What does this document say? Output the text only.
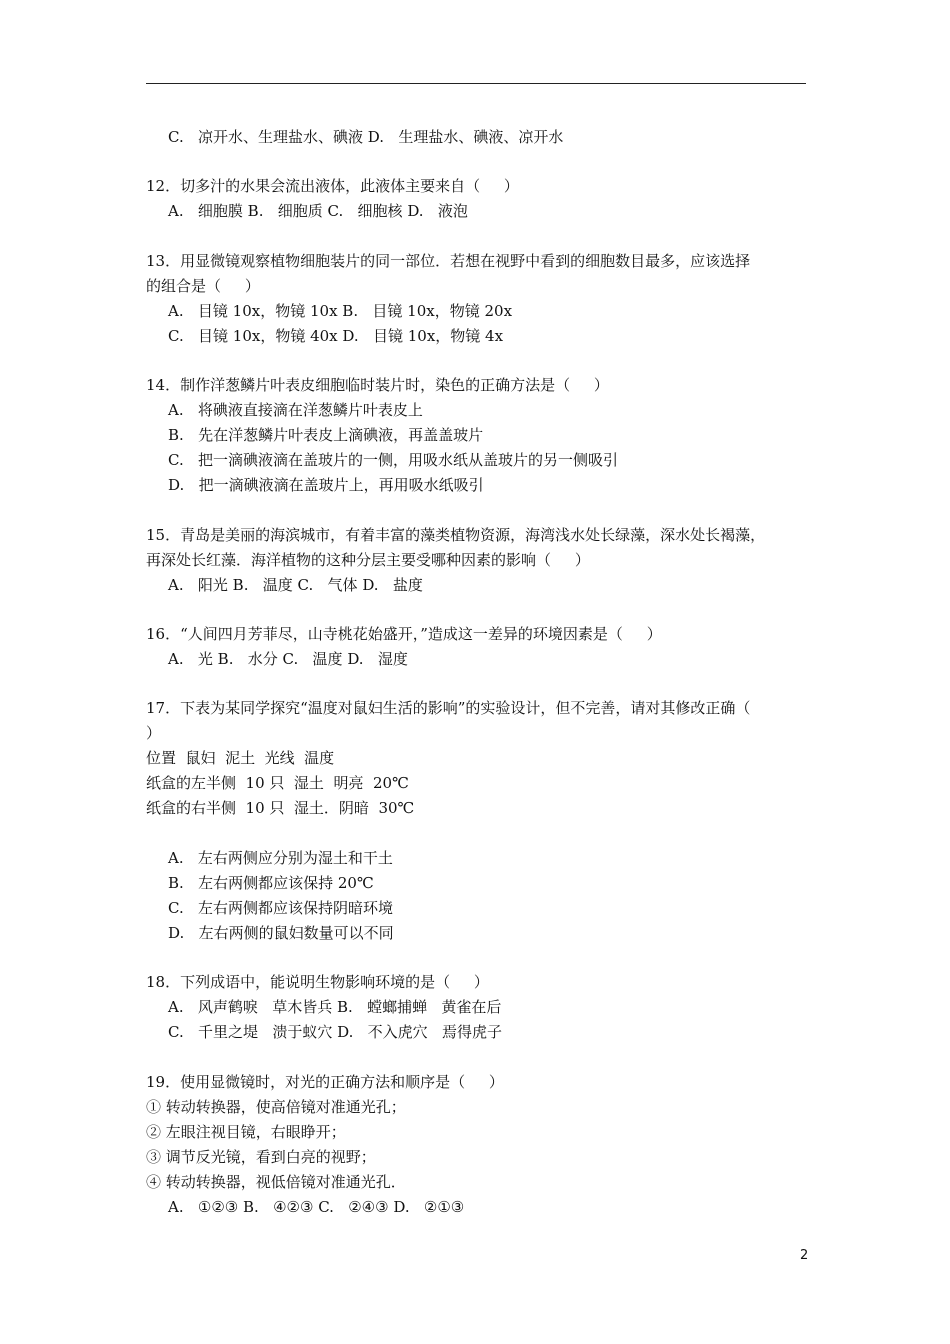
C.   凉开水、生理盐水、碘液 D.   生理盐水、碘液、凉开水
12．切多汁的水果会流出液体，此液体主要来自（     ）
A.   细胞膜 B.   细胞质 C.   细胞核 D.   液泡
13．用显微镜观察植物细胞装片的同一部位．若想在视野中看到的细胞数目最多，应该选择
的组合是（     ）
A.   目镜 10x，物镜 10x B.   目镜 10x，物镜 20x
C.   目镜 10x，物镜 40x D.   目镜 10x，物镜 4x
14．制作洋葱鳞片叶表皮细胞临时装片时，染色的正确方法是（     ）
A.   将碘液直接滴在洋葱鳞片叶表皮上
B.   先在洋葱鳞片叶表皮上滴碘液，再盖盖玻片
C.   把一滴碘液滴在盖玻片的一侧，用吸水纸从盖玻片的另一侧吸引
D.   把一滴碘液滴在盖玻片上，再用吸水纸吸引
15．青岛是美丽的海滨城市，有着丰富的藻类植物资源，海湾浅水处长绿藻，深水处长褐藻，
再深处长红藻．海洋植物的这种分层主要受哪种因素的影响（     ）
A.   阳光 B.   温度 C.   气体 D.   盐度
16．“人间四月芳菲尽，山寺桃花始盛开，”造成这一差异的环境因素是（     ）
A.   光 B.   水分 C.   温度 D.   湿度
17．下表为某同学探究“温度对鼠妇生活的影响”的实验设计，但不完善，请对其修改正确（
）
位置  鼠妇  泥土  光线  温度
纸盒的左半侧  10 只  湿土  明亮  20℃
纸盒的右半侧  10 只  湿土．阴暗  30℃
A.   左右两侧应分别为湿土和干土
B.   左右两侧都应该保持 20℃
C.   左右两侧都应该保持阴暗环境
D.   左右两侧的鼠妇数量可以不同
18．下列成语中，能说明生物影响环境的是（     ）
A.   风声鹤唳   草木皆兵 B.   螳螂捕蝉   黄雀在后
C.   千里之堤   溃于蚁穴 D.   不入虎穴   焉得虎子
19．使用显微镜时，对光的正确方法和顺序是（     ）
① 转动转换器，使高倍镜对准通光孔；
② 左眼注视目镜，右眼睁开；
③ 调节反光镜，看到白亮的视野；
④ 转动转换器，视低倍镜对准通光孔．
A.   ①②③ B.   ④②③ C.   ②④③ D.   ②①③
2
